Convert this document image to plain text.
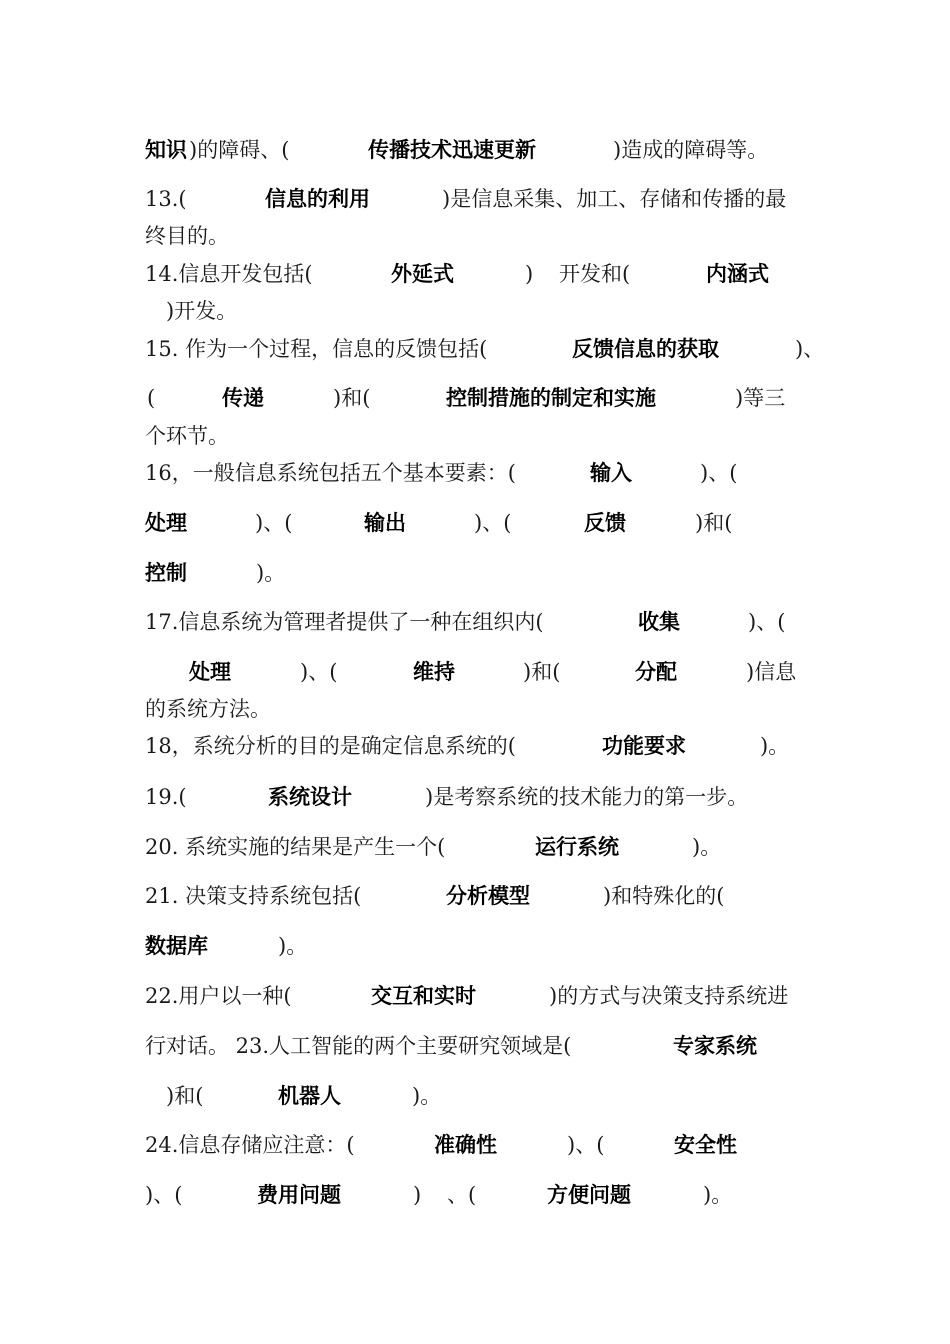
知识 )的障碍、(	传播技术迅速更新	)造成的障碍等。
13.(	信息的利用	)是信息采集、加工、存储和传播的最
终目的。
14.信息开发包括(	外延式	) 开发和(	内涵式
)开发。
15. 作为一个过程，信息的反馈包括(	反馈信息的获取	)、
(	传递	)和(	控制措施的制定和实施	)等三
个环节。
16，一般信息系统包括五个基本要素：(	输入	)、(
处理	)、(	输出	)、(	反馈	)和(
控制	)。
17.信息系统为管理者提供了一种在组织内(	收集	)、(
处理	)、(	维持	)和(	分配	)信息
的系统方法。
18，系统分析的目的是确定信息系统的(	功能要求	)。
19.(	系统设计	)是考察系统的技术能力的第一步。
20. 系统实施的结果是产生一个(	运行系统	)。
21. 决策支持系统包括(	分析模型	)和特殊化的(
数据库	)。
22.用户以一种(	交互和实时	)的方式与决策支持系统进
行对话。 23.人工智能的两个主要研究领域是(	专家系统
)和(	机器人	)。
24.信息存储应注意：(	准确性	)、(	安全性
)、(	费用问题	) 、(	方便问题	)。
